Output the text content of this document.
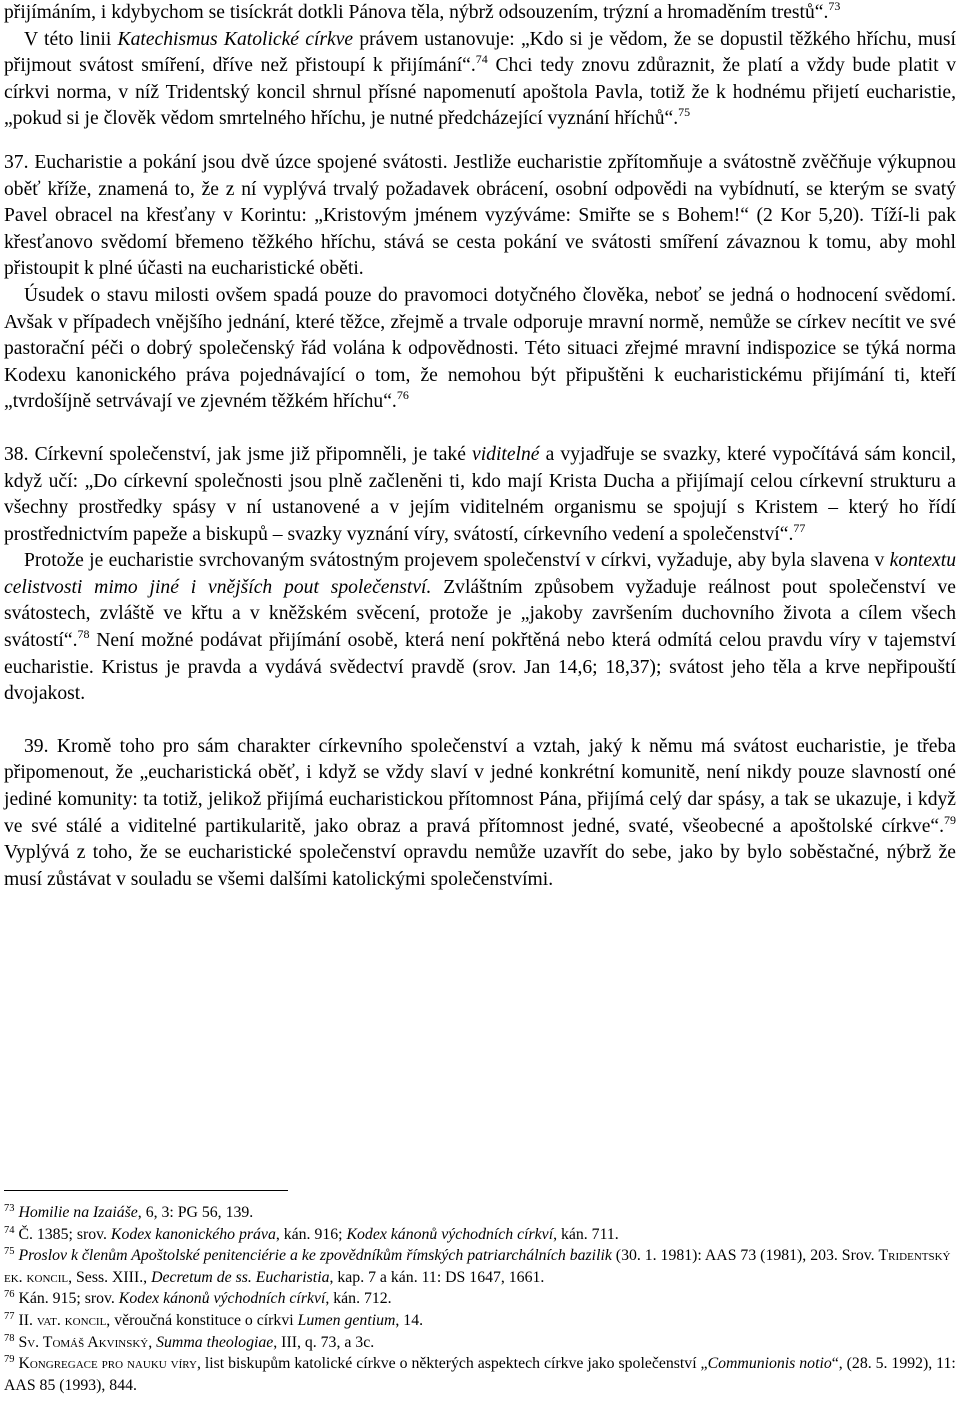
přijímáním, i kdybychom se tisíckrát dotkli Pánova těla, nýbrž odsouzením, trýzní a hromaděním trestů“.$^{73}$

V této linii Katechismus Katolické církve právem ustanovuje: „Kdo si je vědom, že se dopustil těžkého hříchu, musí přijmout svátost smíření, dříve než přistoupí k přijímání“.$^{74}$ Chci tedy znovu zdůraznit, že platí a vždy bude platit v církvi norma, v níž Tridentský koncil shrnul přísné napomenutí apoštola Pavla, totiž že k hodnému přijetí eucharistie, „pokud si je člověk vědom smrtelného hříchu, je nutné předcházející vyznání hříchů“.$^{75}$

37. Eucharistie a pokání jsou dvě úzce spojené svátosti. Jestliže eucharistie zpřítomňuje a svátostně zvěčňuje výkupnou oběť kříže, znamená to, že z ní vyplývá trvalý požadavek obrácení, osobní odpovědi na vybídnutí, se kterým se svatý Pavel obracel na křesťany v Korintu: „Kristovým jménem vyzýváme: Smiřte se s Bohem!“ (2 Kor 5,20). Tíží-li pak křesťanovo svědomí břemeno těžkého hříchu, stává se cesta pokání ve svátosti smíření závaznou k tomu, aby mohl přistoupit k plné účasti na eucharistické oběti.

Úsudek o stavu milosti ovšem spadá pouze do pravomoci dotyčného člověka, neboť se jedná o hodnocení svědomí. Avšak v případech vnějšího jednání, které těžce, zřejmě a trvale odporuje mravní normě, nemůže se církev necítit ve své pastorační péči o dobrý společenský řád volána k odpovědnosti. Této situaci zřejmé mravní indispozice se týká norma Kodexu kanonického práva pojednávající o tom, že nemohou být připuštěni k eucharistickému přijímání ti, kteří „tvrdošíjně setrvávají ve zjevném těžkém hříchu“.$^{76}$

38. Církevní společenství, jak jsme již připomněli, je také viditelné a vyjadřuje se svazky, které vypočítává sám koncil, když učí: „Do církevní společnosti jsou plně začleněni ti, kdo mají Krista Ducha a přijímají celou církevní strukturu a všechny prostředky spásy v ní ustanovené a v jejím viditelném organismu se spojují s Kristem – který ho řídí prostřednictvím papeže a biskupů – svazky vyznání víry, svátostí, církevního vedení a společenství“.$^{77}$

Protože je eucharistie svrchovaným svátostným projevem společenství v církvi, vyžaduje, aby byla slavena v kontextu celistvosti mimo jiné i vnějších pout společenství. Zvláštním způsobem vyžaduje reálnost pout společenství ve svátostech, zvláště ve křtu a v kněžském svěcení, protože je „jakoby završením duchovního života a cílem všech svátostí“.$^{78}$ Není možné podávat přijímání osobě, která není pokřtěná nebo která odmítá celou pravdu víry v tajemství eucharistie. Kristus je pravda a vydává svědectví pravdě (srov. Jan 14,6; 18,37); svátost jeho těla a krve nepřipouští dvojakost.

39. Kromě toho pro sám charakter církevního společenství a vztah, jaký k němu má svátost eucharistie, je třeba připomenout, že „eucharistická oběť, i když se vždy slaví v jedné konkrétní komunitě, není nikdy pouze slavností oné jediné komunity: ta totiž, jelikož přijímá eucharistickou přítomnost Pána, přijímá celý dar spásy, a tak se ukazuje, i když ve své stálé a viditelné partikularitě, jako obraz a pravá přítomnost jedné, svaté, všeobecné a apoštolské církve“.$^{79}$ Vyplývá z toho, že se eucharistické společenství opravdu nemůže uzavřít do sebe, jako by bylo soběstačné, nýbrž že musí zůstávat v souladu se všemi dalšími katolickými společenstvími.

$^{73}$ Homilie na Izaiáše, 6, 3: PG 56, 139.

$^{74}$ Č. 1385; srov. Kodex kanonického práva, kán. 916; Kodex kánonů východních církví, kán. 711.

$^{75}$ Proslov k členům Apoštolské penitenciérie a ke zpovědníkům římských patriarchálních bazilik (30. 1. 1981): AAS 73 (1981), 203. Srov. Tridentský ek. koncil, Sess. XIII., Decretum de ss. Eucharistia, kap. 7 a kán. 11: DS 1647, 1661.

$^{76}$ Kán. 915; srov. Kodex kánonů východních církví, kán. 712.

$^{77}$ II. vat. koncil, věroučná konstituce o církvi Lumen gentium, 14.

$^{78}$ Sv. Tomáš Akvinský, Summa theologiae, III, q. 73, a 3c.

$^{79}$ Kongregace pro nauku víry, list biskupům katolické církve o některých aspektech církve jako společenství „Communionis notio“, (28. 5. 1992), 11: AAS 85 (1993), 844.
